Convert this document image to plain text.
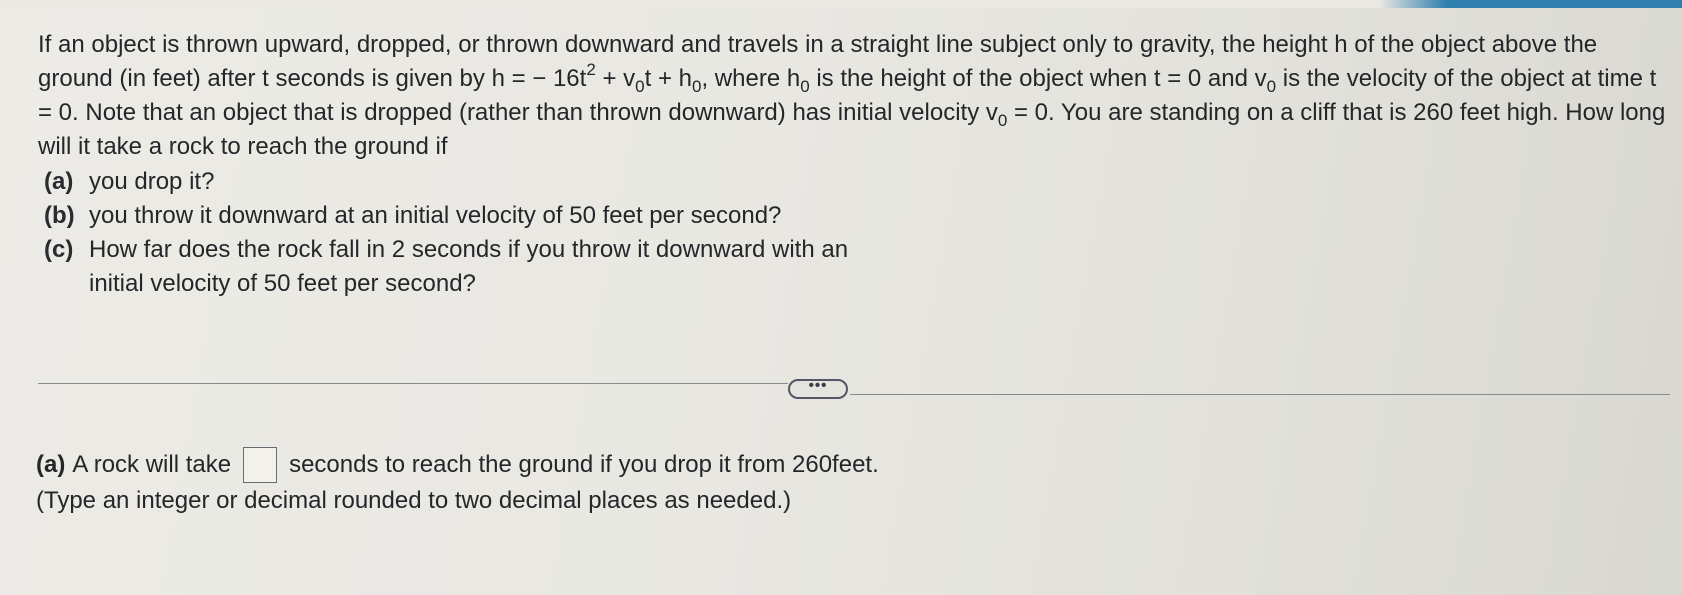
If an object is thrown upward, dropped, or thrown downward and travels in a straight line subject only to gravity, the height h of the object above the ground (in feet) after t seconds is given by h = − $16t^2 + v_0t + h_0$, where $h_0$ is the height of the object when t = 0 and $v_0$ is the velocity of the object at time t = 0. Note that an object that is dropped (rather than thrown downward) has initial velocity $v_0 = 0$. You are standing on a cliff that is 260 feet high. How long will it take a rock to reach the ground if

(a) you drop it?
(b) you throw it downward at an initial velocity of 50 feet per second?
(c) How far does the rock fall in 2 seconds if you throw it downward with an initial velocity of 50 feet per second?
•••
(a) A rock will take seconds to reach the ground if you drop it from 260feet.
(Type an integer or decimal rounded to two decimal places as needed.)
